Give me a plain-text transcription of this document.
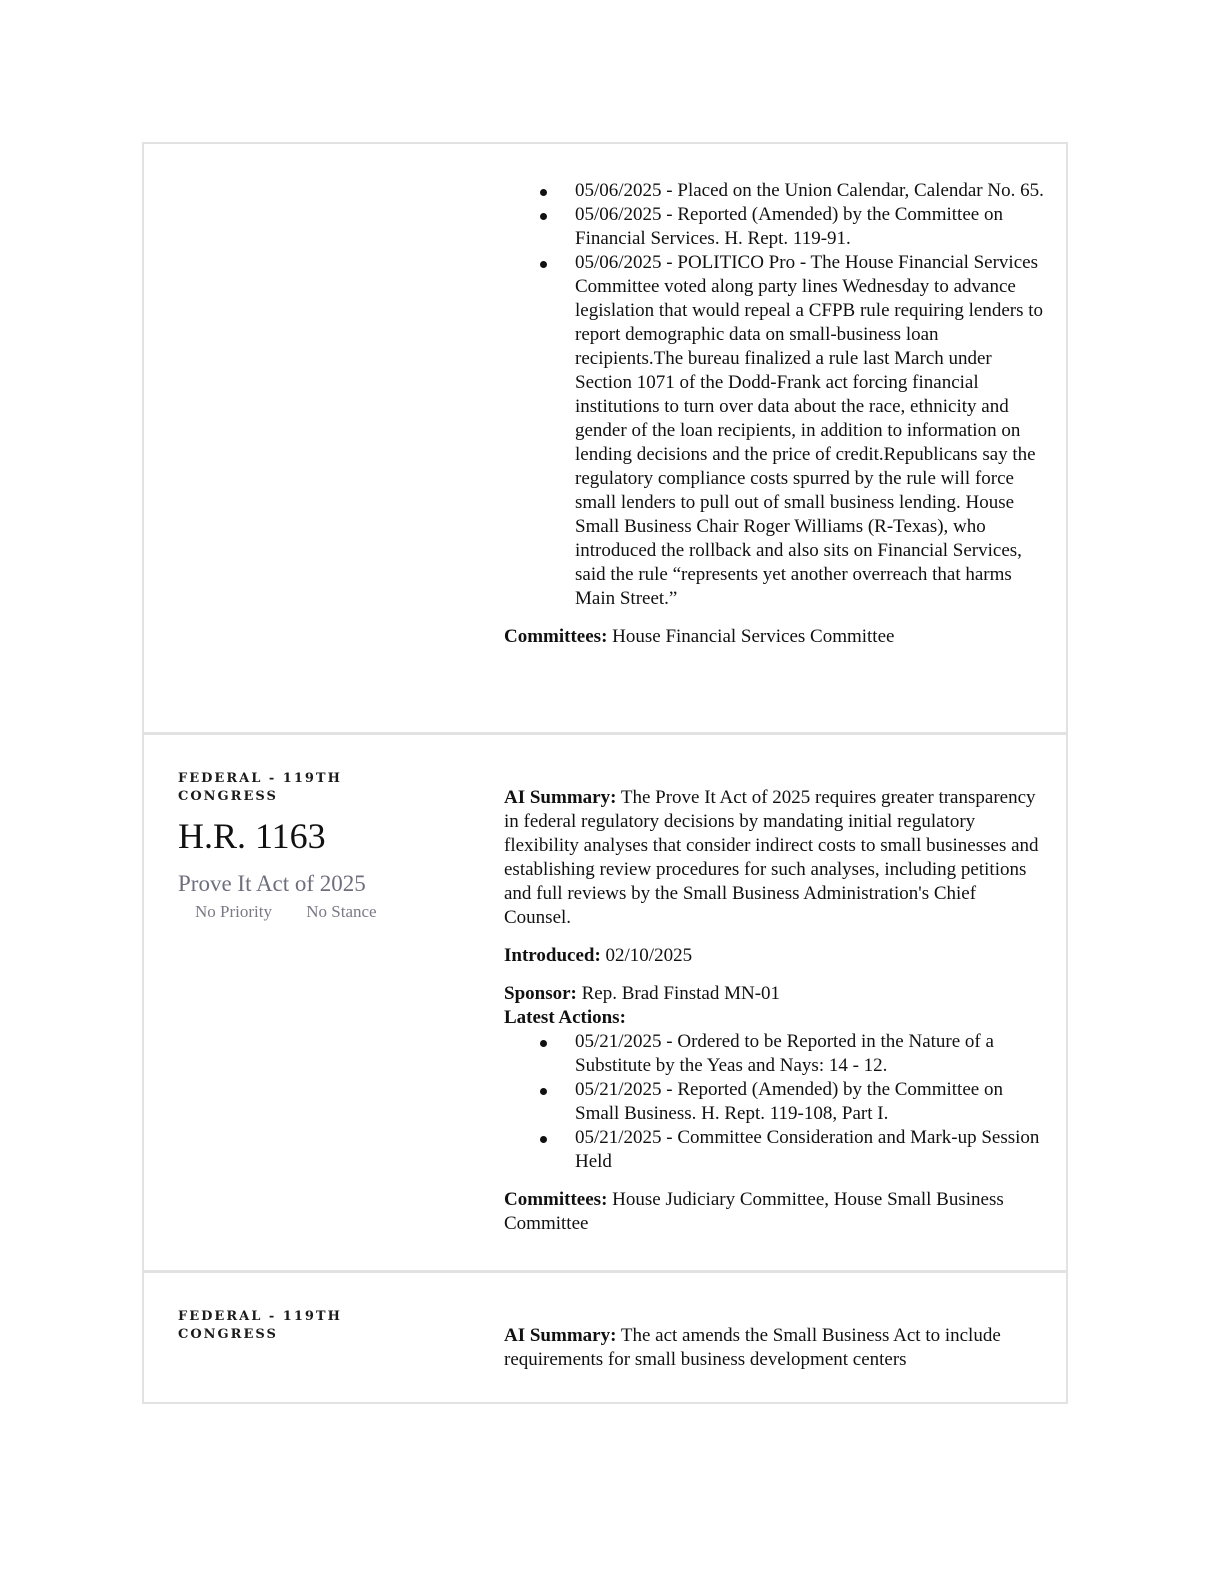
05/06/2025 - Placed on the Union Calendar, Calendar No. 65.
05/06/2025 - Reported (Amended) by the Committee on Financial Services. H. Rept. 119-91.
05/06/2025 - POLITICO Pro - The House Financial Services Committee voted along party lines Wednesday to advance legislation that would repeal a CFPB rule requiring lenders to report demographic data on small-business loan recipients.The bureau finalized a rule last March under Section 1071 of the Dodd-Frank act forcing financial institutions to turn over data about the race, ethnicity and gender of the loan recipients, in addition to information on lending decisions and the price of credit.Republicans say the regulatory compliance costs spurred by the rule will force small lenders to pull out of small business lending. House Small Business Chair Roger Williams (R-Texas), who introduced the rollback and also sits on Financial Services, said the rule “represents yet another overreach that harms Main Street.”

Committees: House Financial Services Committee

FEDERAL - 119TH CONGRESS
H.R. 1163
Prove It Act of 2025
No Priority No Stance

AI Summary: The Prove It Act of 2025 requires greater transparency in federal regulatory decisions by mandating initial regulatory flexibility analyses that consider indirect costs to small businesses and establishing review procedures for such analyses, including petitions and full reviews by the Small Business Administration's Chief Counsel.

Introduced: 02/10/2025

Sponsor: Rep. Brad Finstad MN-01

Latest Actions:

05/21/2025 - Ordered to be Reported in the Nature of a Substitute by the Yeas and Nays: 14 - 12.
05/21/2025 - Reported (Amended) by the Committee on Small Business. H. Rept. 119-108, Part I.
05/21/2025 - Committee Consideration and Mark-up Session Held

Committees: House Judiciary Committee, House Small Business Committee

FEDERAL - 119TH CONGRESS	AI Summary: The act amends the Small Business Act to include requirements for small business development centers
